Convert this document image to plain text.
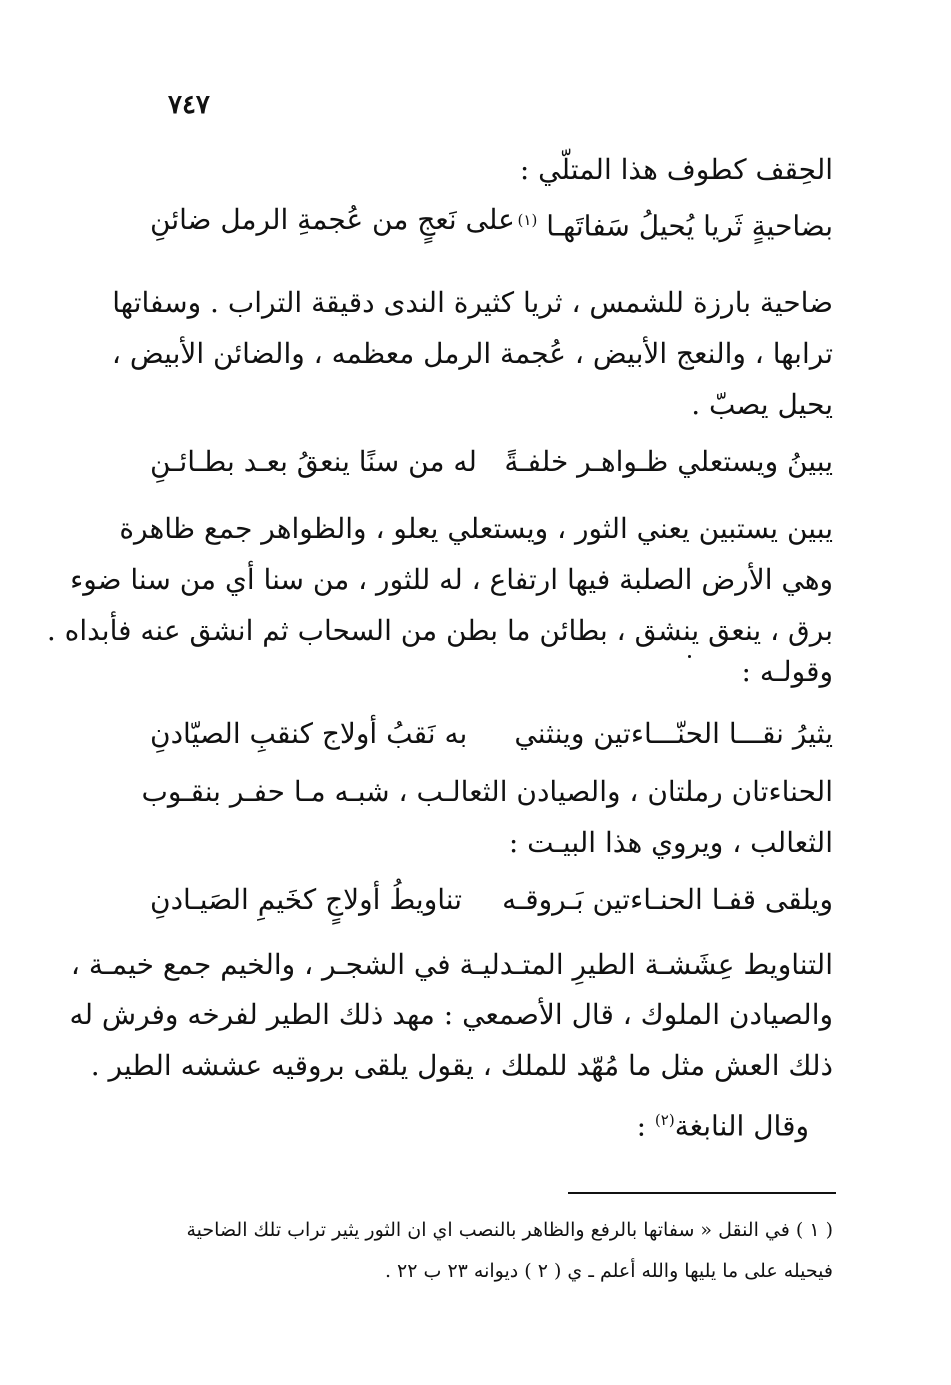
٧٤٧
الحِقف كطوف هذا المتلّي :
بضاحيةٍ ثَريا يُحيلُ سَفاتَهـا $^{(١)}$
على نَعجٍ من عُجمةِ الرمل ضائنِ
ضاحية بارزة للشمس ، ثريا كثيرة الندى دقيقة التراب . وسفاتها
ترابها ، والنعج الأبيض ، عُجمة الرمل معظمه ، والضائن الأبيض ،
يحيل يصبّ .
يبينُ ويستعلي ظـواهـر خلفـةً
له من سنًا ينعقُ بعـد بطـائـنِ
يبين يستبين يعني الثور ، ويستعلي يعلو ، والظواهر جمع ظاهرة
وهي الأرض الصلبة فيها ارتفاع ، له للثور ، من سنا أي من سنا ضوء
برق ، ينعق ينشق ، بطائن ما بطن من السحاب ثم انشق عنه فأبداه .
وقولـه :
يثيرُ نقـــا الحنّـــاءتين وينثني
به نَقبُ أولاج كنقبِ الصيّادنِ
الحناءتان رملتان ، والصيادن الثعالـب ، شبـه مـا حفـر بنقـوب
الثعالب ، ويروي هذا البيـت :
ويلقى قفـا الحنـاءتين بَـروقـه
تناويطُ أولاجٍ كخَيمِ الصَيـادنِ
التناويط عِشَشـة الطيرِ المتـدليـة في الشجـر ، والخيم جمع خيمـة ،
والصيادن الملوك ، قال الأصمعي : مهد ذلك الطير لفرخه وفرش له
ذلك العش مثل ما مُهّد للملك ، يقول يلقى بروقيه عششه الطير .
وقال النابغة$^{(٢)}$ :
( ١ ) في النقل « سفاتها بالرفع والظاهر بالنصب اي ان الثور يثير تراب تلك الضاحية
فيحيله على ما يليها والله أعلم ـ ي ( ٢ ) ديوانه ٢٣ ب ٢٢ .
